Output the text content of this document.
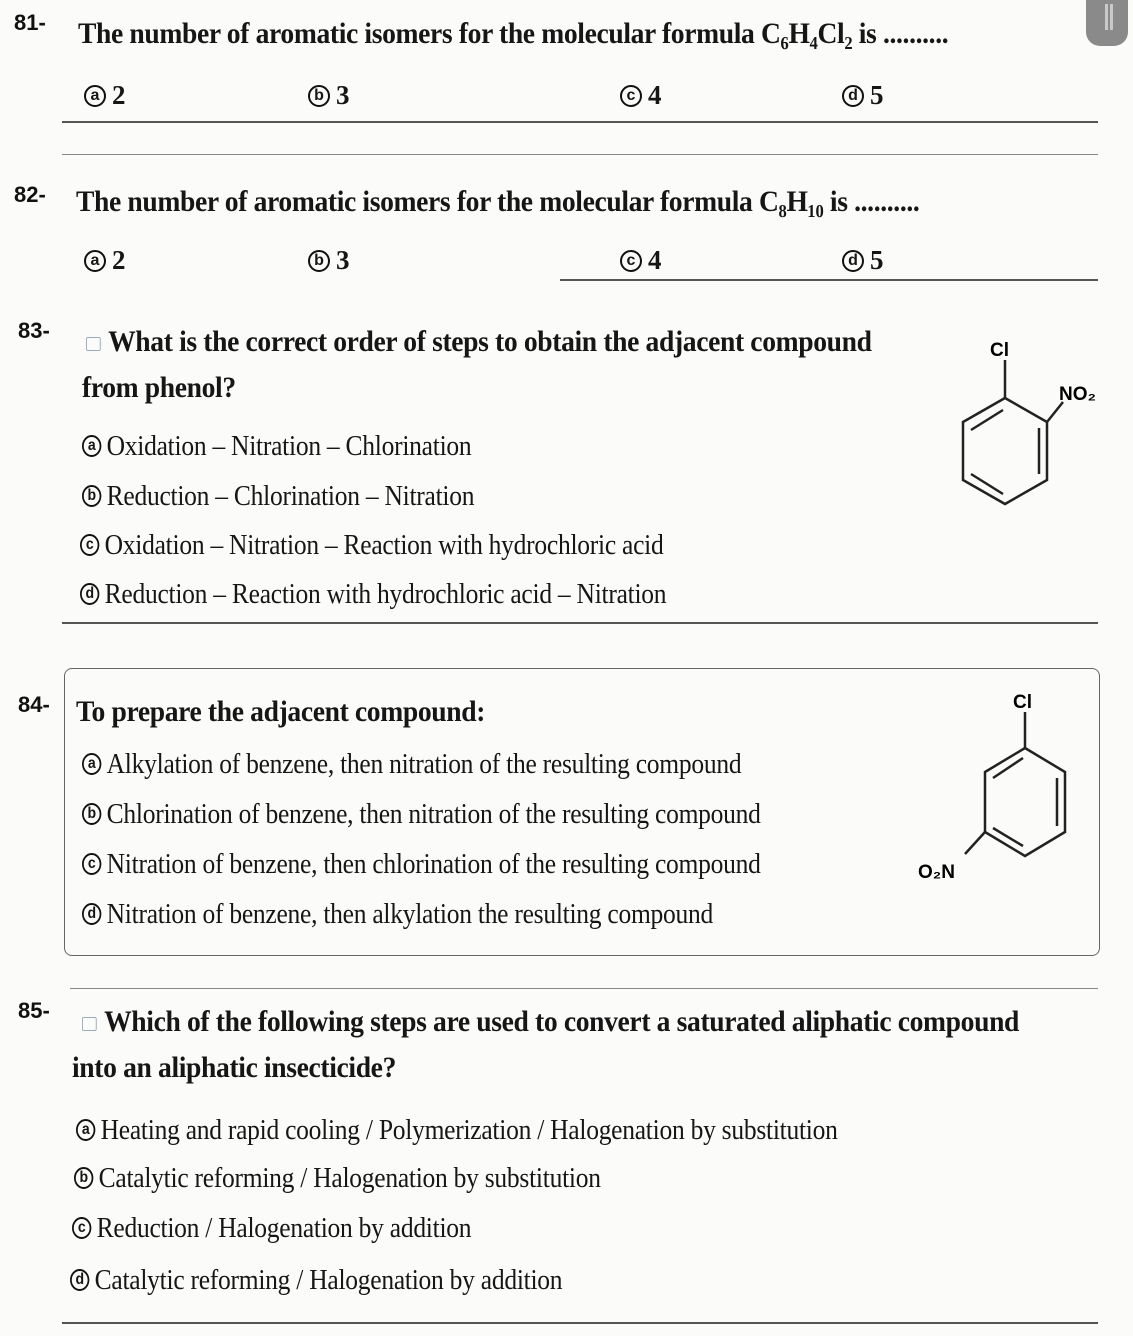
81- The number of aromatic isomers for the molecular formula C₆H₄Cl₂ is ..........
a 2	b 3	c 4	d 5
82- The number of aromatic isomers for the molecular formula C₈H₁₀ is ..........
a 2	b 3	c 4	d 5
83-	What is the correct order of steps to obtain the adjacent compound
from phenol?
Cl
NO₂
a Oxidation – Nitration – Chlorination
b Reduction – Chlorination – Nitration
c Oxidation – Nitration – Reaction with hydrochloric acid
d Reduction – Reaction with hydrochloric acid – Nitration
84- To prepare the adjacent compound:	Cl
O₂N
a Alkylation of benzene, then nitration of the resulting compound
b Chlorination of benzene, then nitration of the resulting compound
c Nitration of benzene, then chlorination of the resulting compound
d Nitration of benzene, then alkylation the resulting compound
85-	Which of the following steps are used to convert a saturated aliphatic compound
into an aliphatic insecticide?
a Heating and rapid cooling / Polymerization / Halogenation by substitution
b Catalytic reforming / Halogenation by substitution
c Reduction / Halogenation by addition
d Catalytic reforming / Halogenation by addition
